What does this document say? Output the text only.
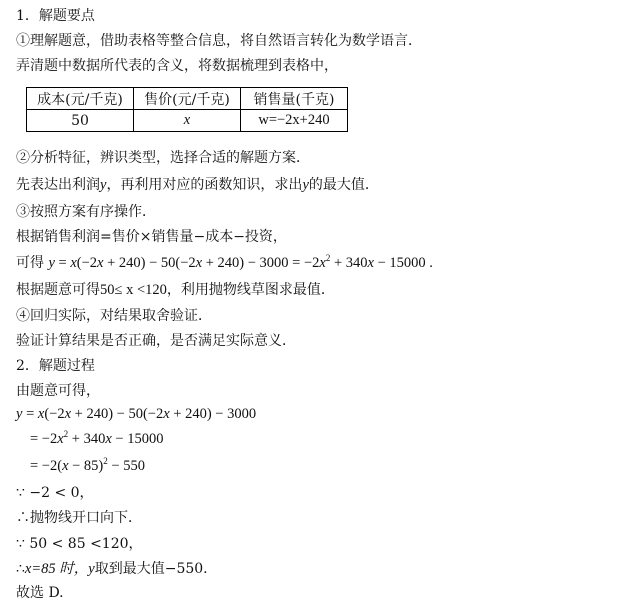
1．解题要点
①理解题意，借助表格等整合信息，将自然语言转化为数学语言．
弄清题中数据所代表的含义，将数据梳理到表格中，
成本(元/千克)	售价(元/千克)	销售量(千克)
50	x	w=−2x+240
②分析特征，辨识类型，选择合适的解题方案．
先表达出利润y，再利用对应的函数知识，求出y的最大值．
③按照方案有序操作．
根据销售利润=售价×销售量−成本−投资，
可得 $y = x(-2x + 240) - 50(-2x + 240) - 3000 = -2x^2 + 340x - 15000$ .
根据题意可得50≤ x <120，利用抛物线草图求最值．
④回归实际，对结果取舍验证．
验证计算结果是否正确，是否满足实际意义．
2．解题过程
由题意可得，
y = x(−2x + 240) − 50(−2x + 240) − 3000
= $-2x^2 + 340x - 15000$
= $-2(x - 85)^2 - 550$
∵ −2 < 0，
∴抛物线开口向下．
∵ 50 < 85 <120，
∴x=85 时，y取到最大值−550.
故选 D.
